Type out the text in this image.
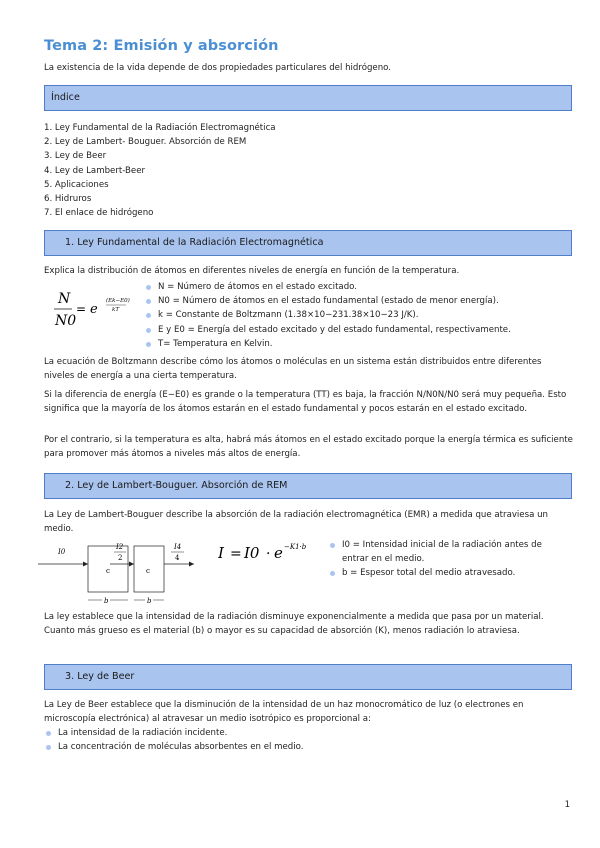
Tema 2: Emisión y absorción
La existencia de la vida depende de dos propiedades particulares del hidrógeno.
Índice
1. Ley Fundamental de la Radiación Electromagnética
2. Ley de Lambert- Bouguer. Absorción de REM
3. Ley de Beer
4. Ley de Lambert-Beer
5. Aplicaciones
6. Hidruros
7. El enlace de hidrógeno
1. Ley Fundamental de la Radiación Electromagnética
Explica la distribución de átomos en diferentes niveles de energía en función de la temperatura.
N
N0
= e
(Ek−E0)
kT
N = Número de átomos en el estado excitado.
N0 = Número de átomos en el estado fundamental (estado de menor energía).
k = Constante de Boltzmann (1.38×10−231.38×10−23 J/K).
E y E0 = Energía del estado excitado y del estado fundamental, respectivamente.
T= Temperatura en Kelvin.
La ecuación de Boltzmann describe cómo los átomos o moléculas en un sistema están distribuidos entre diferentes niveles de energía a una cierta temperatura.
Si la diferencia de energía (E−E0) es grande o la temperatura (TT) es baja, la fracción N/N0N/N0 será muy pequeña. Esto significa que la mayoría de los átomos estarán en el estado fundamental y pocos estarán en el estado excitado.
Por el contrario, si la temperatura es alta, habrá más átomos en el estado excitado porque la energía térmica es suficiente para promover más átomos a niveles más altos de energía.
2. Ley de Lambert-Bouguer. Absorción de REM
La Ley de Lambert-Bouguer describe la absorción de la radiación electromagnética (EMR) a medida que atraviesa un medio.
I0
c
I2
2
c
I4
4
b	b
I = I0 · e −K1·b	I0 = Intensidad inicial de la radiación antes de entrar en el medio.
b = Espesor total del medio atravesado.
La ley establece que la intensidad de la radiación disminuye exponencialmente a medida que pasa por un material. Cuanto más grueso es el material (b) o mayor es su capacidad de absorción (K), menos radiación lo atraviesa.
3. Ley de Beer
La Ley de Beer establece que la disminución de la intensidad de un haz monocromático de luz (o electrones en microscopía electrónica) al atravesar un medio isotrópico es proporcional a:
La intensidad de la radiación incidente.
La concentración de moléculas absorbentes en el medio.
1
